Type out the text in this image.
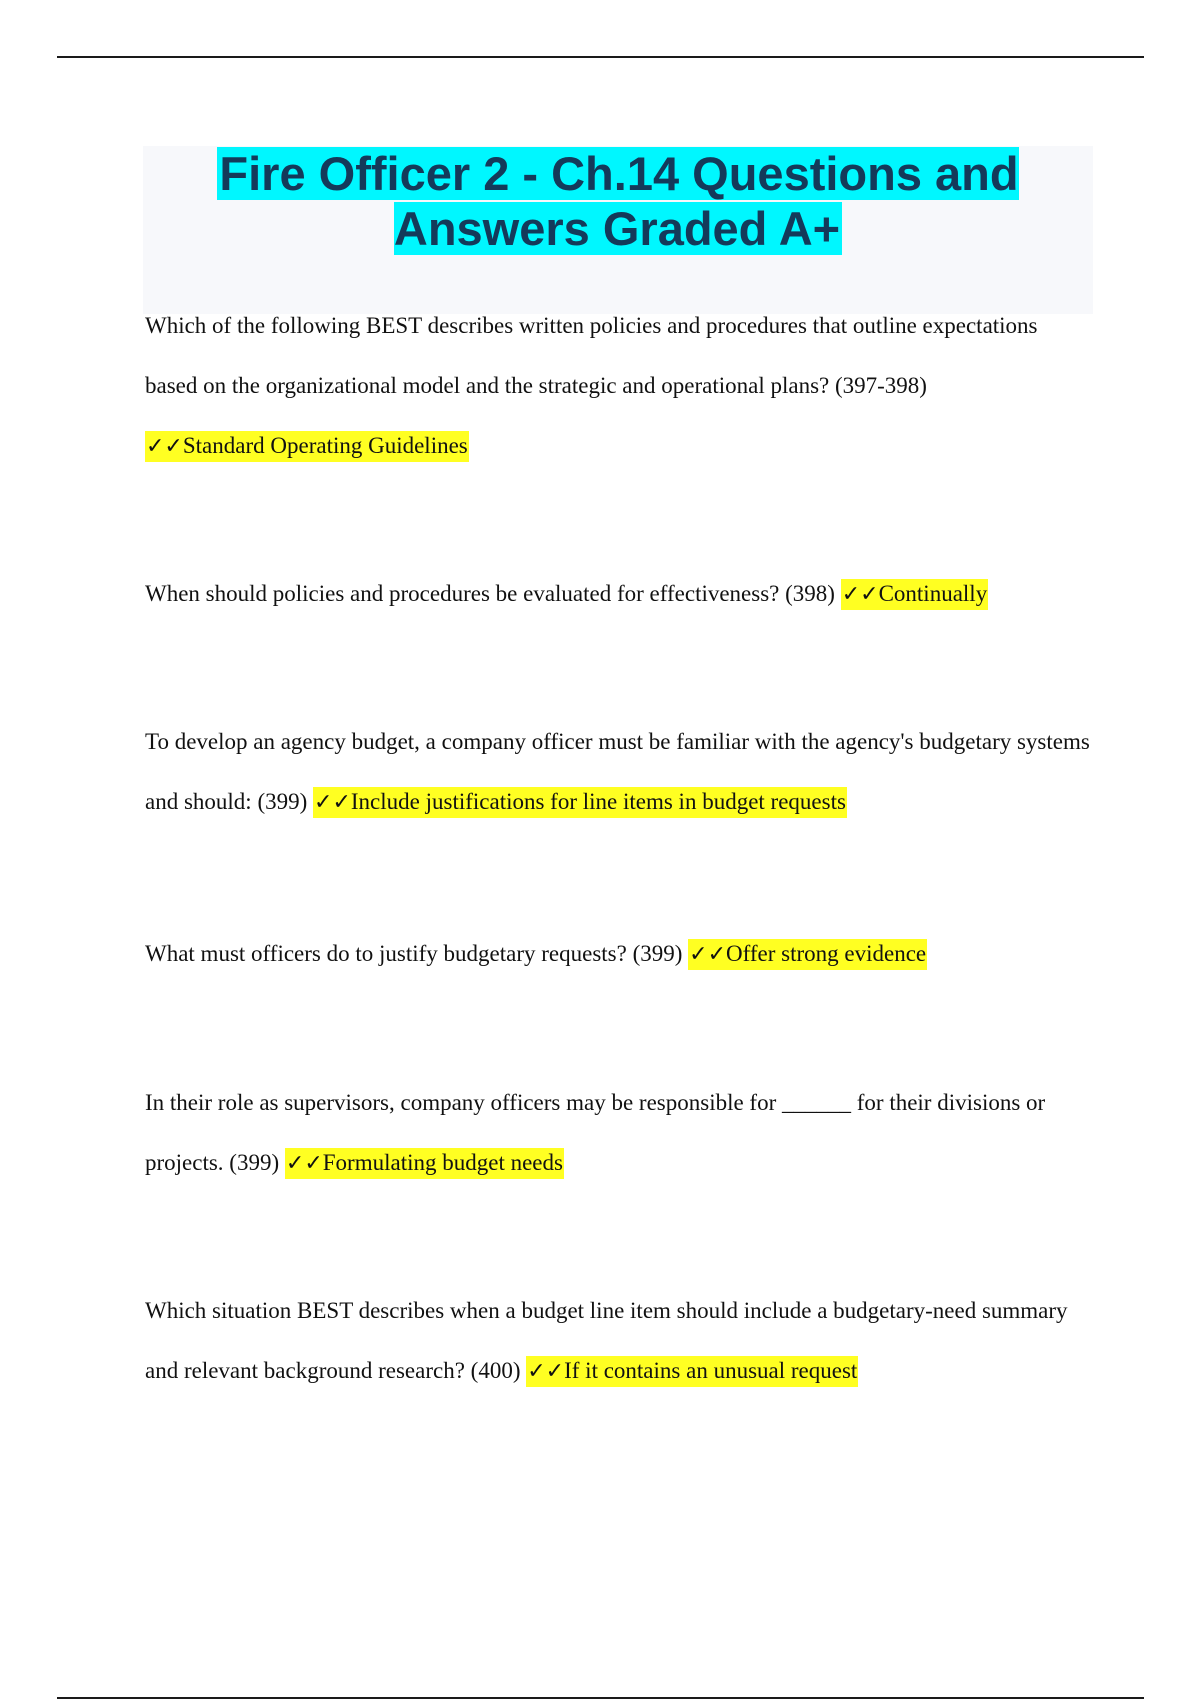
Fire Officer 2 - Ch.14 Questions and Answers Graded A+

Which of the following BEST describes written policies and procedures that outline expectations based on the organizational model and the strategic and operational plans? (397-398)
✓✓Standard Operating Guidelines

When should policies and procedures be evaluated for effectiveness? (398) ✓✓Continually

To develop an agency budget, a company officer must be familiar with the agency's budgetary systems and should: (399) ✓✓Include justifications for line items in budget requests

What must officers do to justify budgetary requests? (399) ✓✓Offer strong evidence

In their role as supervisors, company officers may be responsible for ______ for their divisions or projects. (399) ✓✓Formulating budget needs

Which situation BEST describes when a budget line item should include a budgetary-need summary and relevant background research? (400) ✓✓If it contains an unusual request
